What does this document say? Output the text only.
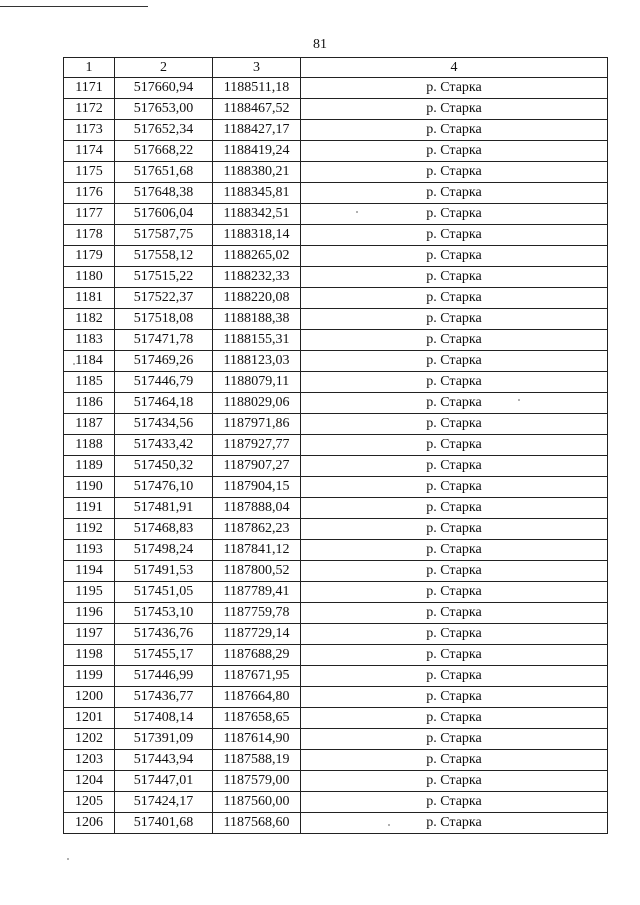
81
1	2	3	4
1171	517660,94	1188511,18	р. Старка
1172	517653,00	1188467,52	р. Старка
1173	517652,34	1188427,17	р. Старка
1174	517668,22	1188419,24	р. Старка
1175	517651,68	1188380,21	р. Старка
1176	517648,38	1188345,81	р. Старка
1177	517606,04	1188342,51	р. Старка
1178	517587,75	1188318,14	р. Старка
1179	517558,12	1188265,02	р. Старка
1180	517515,22	1188232,33	р. Старка
1181	517522,37	1188220,08	р. Старка
1182	517518,08	1188188,38	р. Старка
1183	517471,78	1188155,31	р. Старка
1184	517469,26	1188123,03	р. Старка
1185	517446,79	1188079,11	р. Старка
1186	517464,18	1188029,06	р. Старка
1187	517434,56	1187971,86	р. Старка
1188	517433,42	1187927,77	р. Старка
1189	517450,32	1187907,27	р. Старка
1190	517476,10	1187904,15	р. Старка
1191	517481,91	1187888,04	р. Старка
1192	517468,83	1187862,23	р. Старка
1193	517498,24	1187841,12	р. Старка
1194	517491,53	1187800,52	р. Старка
1195	517451,05	1187789,41	р. Старка
1196	517453,10	1187759,78	р. Старка
1197	517436,76	1187729,14	р. Старка
1198	517455,17	1187688,29	р. Старка
1199	517446,99	1187671,95	р. Старка
1200	517436,77	1187664,80	р. Старка
1201	517408,14	1187658,65	р. Старка
1202	517391,09	1187614,90	р. Старка
1203	517443,94	1187588,19	р. Старка
1204	517447,01	1187579,00	р. Старка
1205	517424,17	1187560,00	р. Старка
1206	517401,68	1187568,60	р. Старка
